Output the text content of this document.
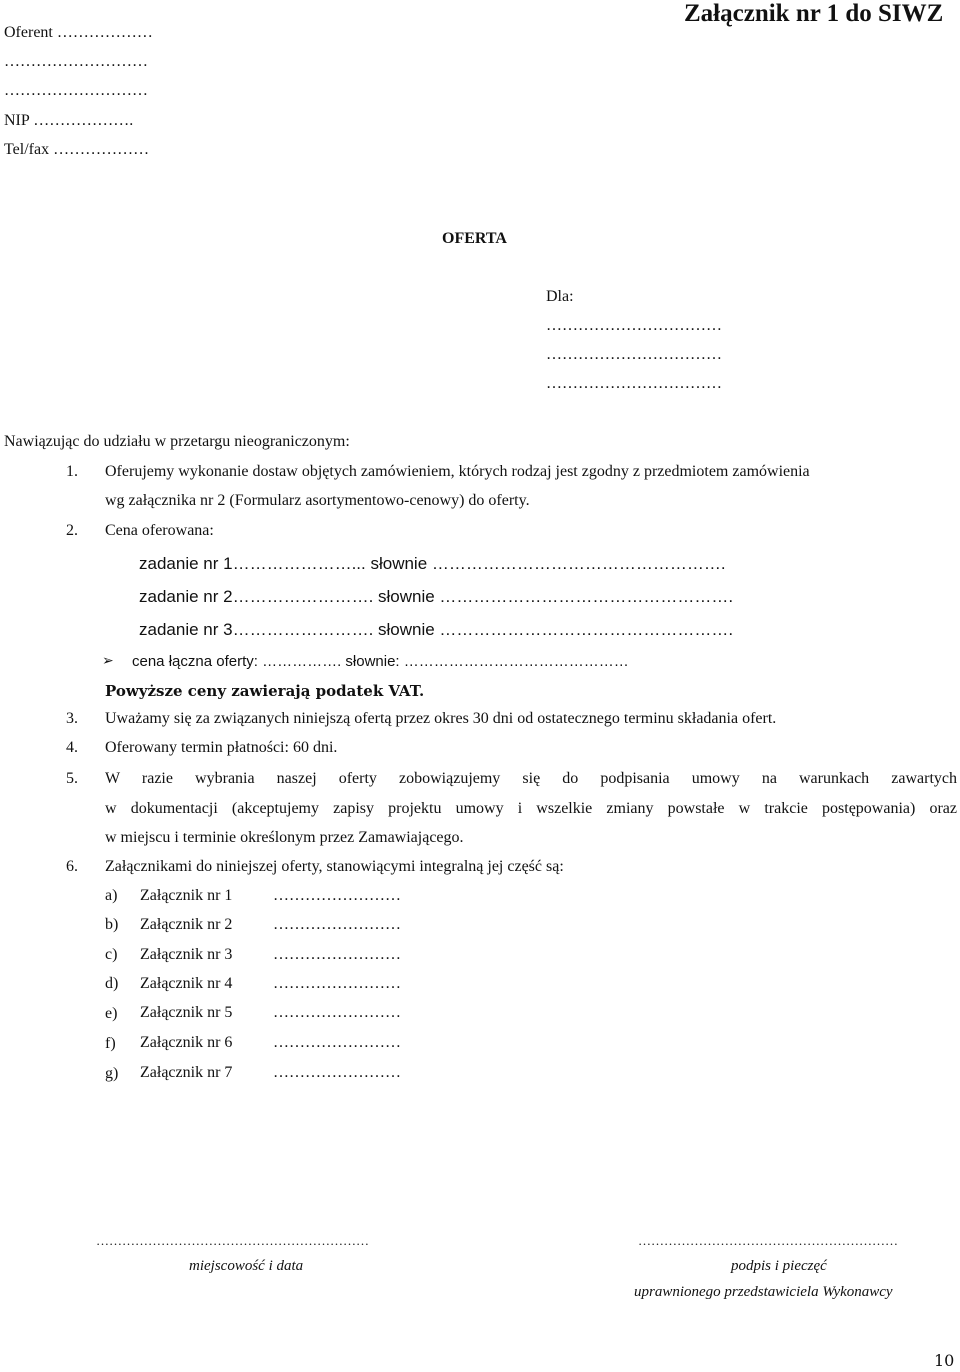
Załącznik nr 1 do SIWZ
Oferent ………………
………………………
………………………
NIP ……………….
Tel/fax ………………
OFERTA
Dla:
……………………………
……………………………
……………………………
Nawiązując do udziału w przetargu nieograniczonym:
1. Oferujemy wykonanie dostaw objętych zamówieniem, których rodzaj jest zgodny z przedmiotem zamówienia
wg załącznika nr 2 (Formularz asortymentowo-cenowy) do oferty.
2. Cena oferowana:
zadanie nr 1…………………... słownie …………………………………………….
zadanie nr 2……………………. słownie …………………………………………….
zadanie nr 3……………………. słownie …………………………………………….
➢ cena łączna oferty: ……………. słownie: ………………………………………
Powyższe ceny zawierają podatek VAT.
3. Uważamy się za związanych niniejszą ofertą przez okres 30 dni od ostatecznego terminu składania ofert.
4. Oferowany termin płatności: 60 dni.
5. W razie wybrania naszej oferty zobowiązujemy się do podpisania umowy na warunkach zawartych
w dokumentacji (akceptujemy zapisy projektu umowy i wszelkie zmiany powstałe w trakcie postępowania) oraz
w miejscu i terminie określonym przez Zamawiającego.
6. Załącznikami do niniejszej oferty, stanowiącymi integralną jej część są:
a) Załącznik nr 1	……………………
b) Załącznik nr 2	……………………
c) Załącznik nr 3	……………………
d) Załącznik nr 4	……………………
e) Załącznik nr 5	……………………
f) Załącznik nr 6	……………………
g) Załącznik nr 7	……………………
………………………………………………………
miejscowość i data
……………………………………………………
podpis i pieczęć
uprawnionego przedstawiciela Wykonawcy
10
